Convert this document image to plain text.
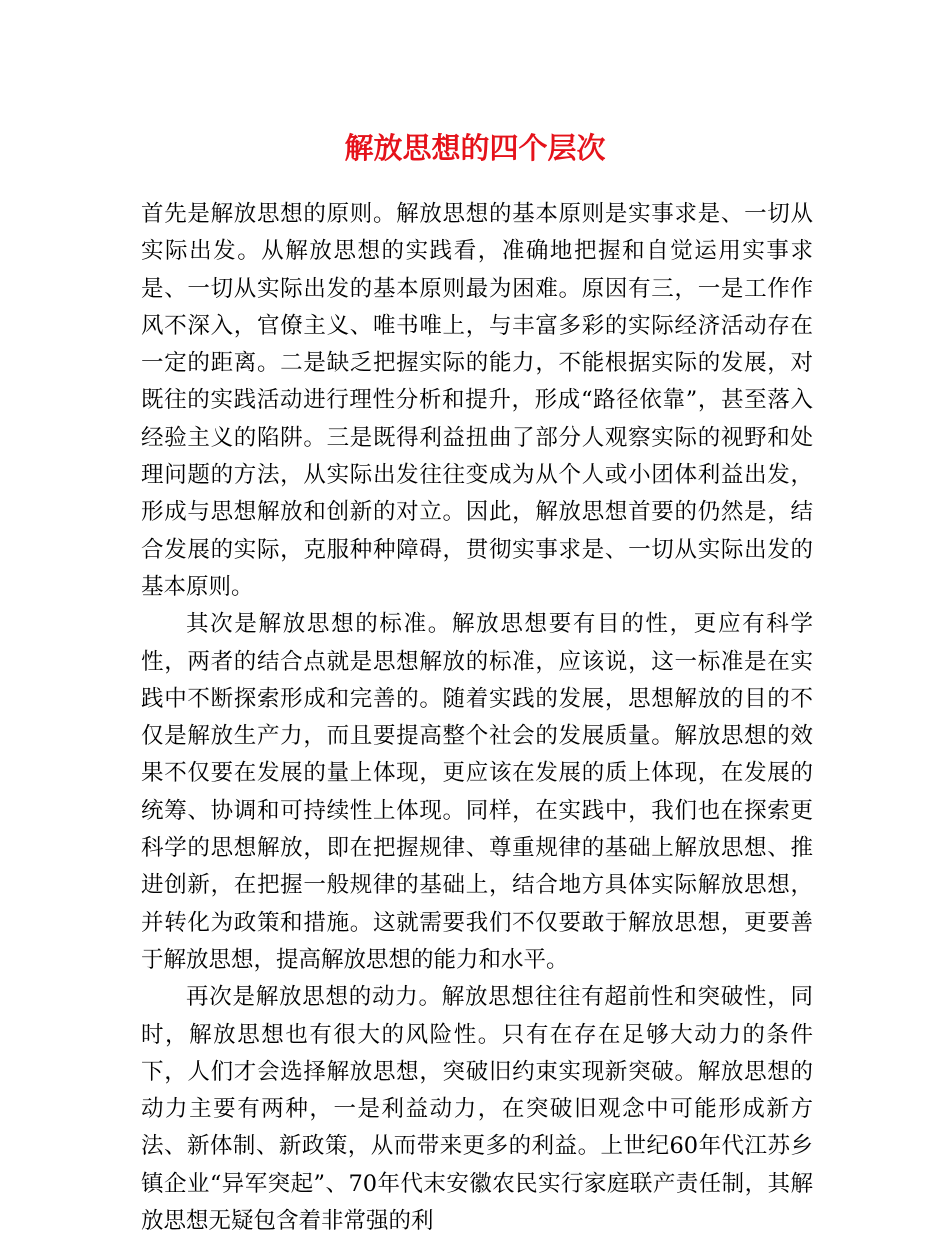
解放思想的四个层次

首先是解放思想的原则。解放思想的基本原则是实事求是、一切从实际出发。从解放思想的实践看，准确地把握和自觉运用实事求是、一切从实际出发的基本原则最为困难。原因有三，一是工作作风不深入，官僚主义、唯书唯上，与丰富多彩的实际经济活动存在一定的距离。二是缺乏把握实际的能力，不能根据实际的发展，对既往的实践活动进行理性分析和提升，形成“路径依靠”，甚至落入经验主义的陷阱。三是既得利益扭曲了部分人观察实际的视野和处理问题的方法，从实际出发往往变成为从个人或小团体利益出发，形成与思想解放和创新的对立。因此，解放思想首要的仍然是，结合发展的实际，克服种种障碍，贯彻实事求是、一切从实际出发的基本原则。

其次是解放思想的标准。解放思想要有目的性，更应有科学性，两者的结合点就是思想解放的标准，应该说，这一标准是在实践中不断探索形成和完善的。随着实践的发展，思想解放的目的不仅是解放生产力，而且要提高整个社会的发展质量。解放思想的效果不仅要在发展的量上体现，更应该在发展的质上体现，在发展的统筹、协调和可持续性上体现。同样，在实践中，我们也在探索更科学的思想解放，即在把握规律、尊重规律的基础上解放思想、推进创新，在把握一般规律的基础上，结合地方具体实际解放思想，并转化为政策和措施。这就需要我们不仅要敢于解放思想，更要善于解放思想，提高解放思想的能力和水平。

再次是解放思想的动力。解放思想往往有超前性和突破性，同时，解放思想也有很大的风险性。只有在存在足够大动力的条件下，人们才会选择解放思想，突破旧约束实现新突破。解放思想的动力主要有两种，一是利益动力，在突破旧观念中可能形成新方法、新体制、新政策，从而带来更多的利益。上世纪60年代江苏乡镇企业“异军突起”、70年代末安徽农民实行家庭联产责任制，其解放思想无疑包含着非常强的利
